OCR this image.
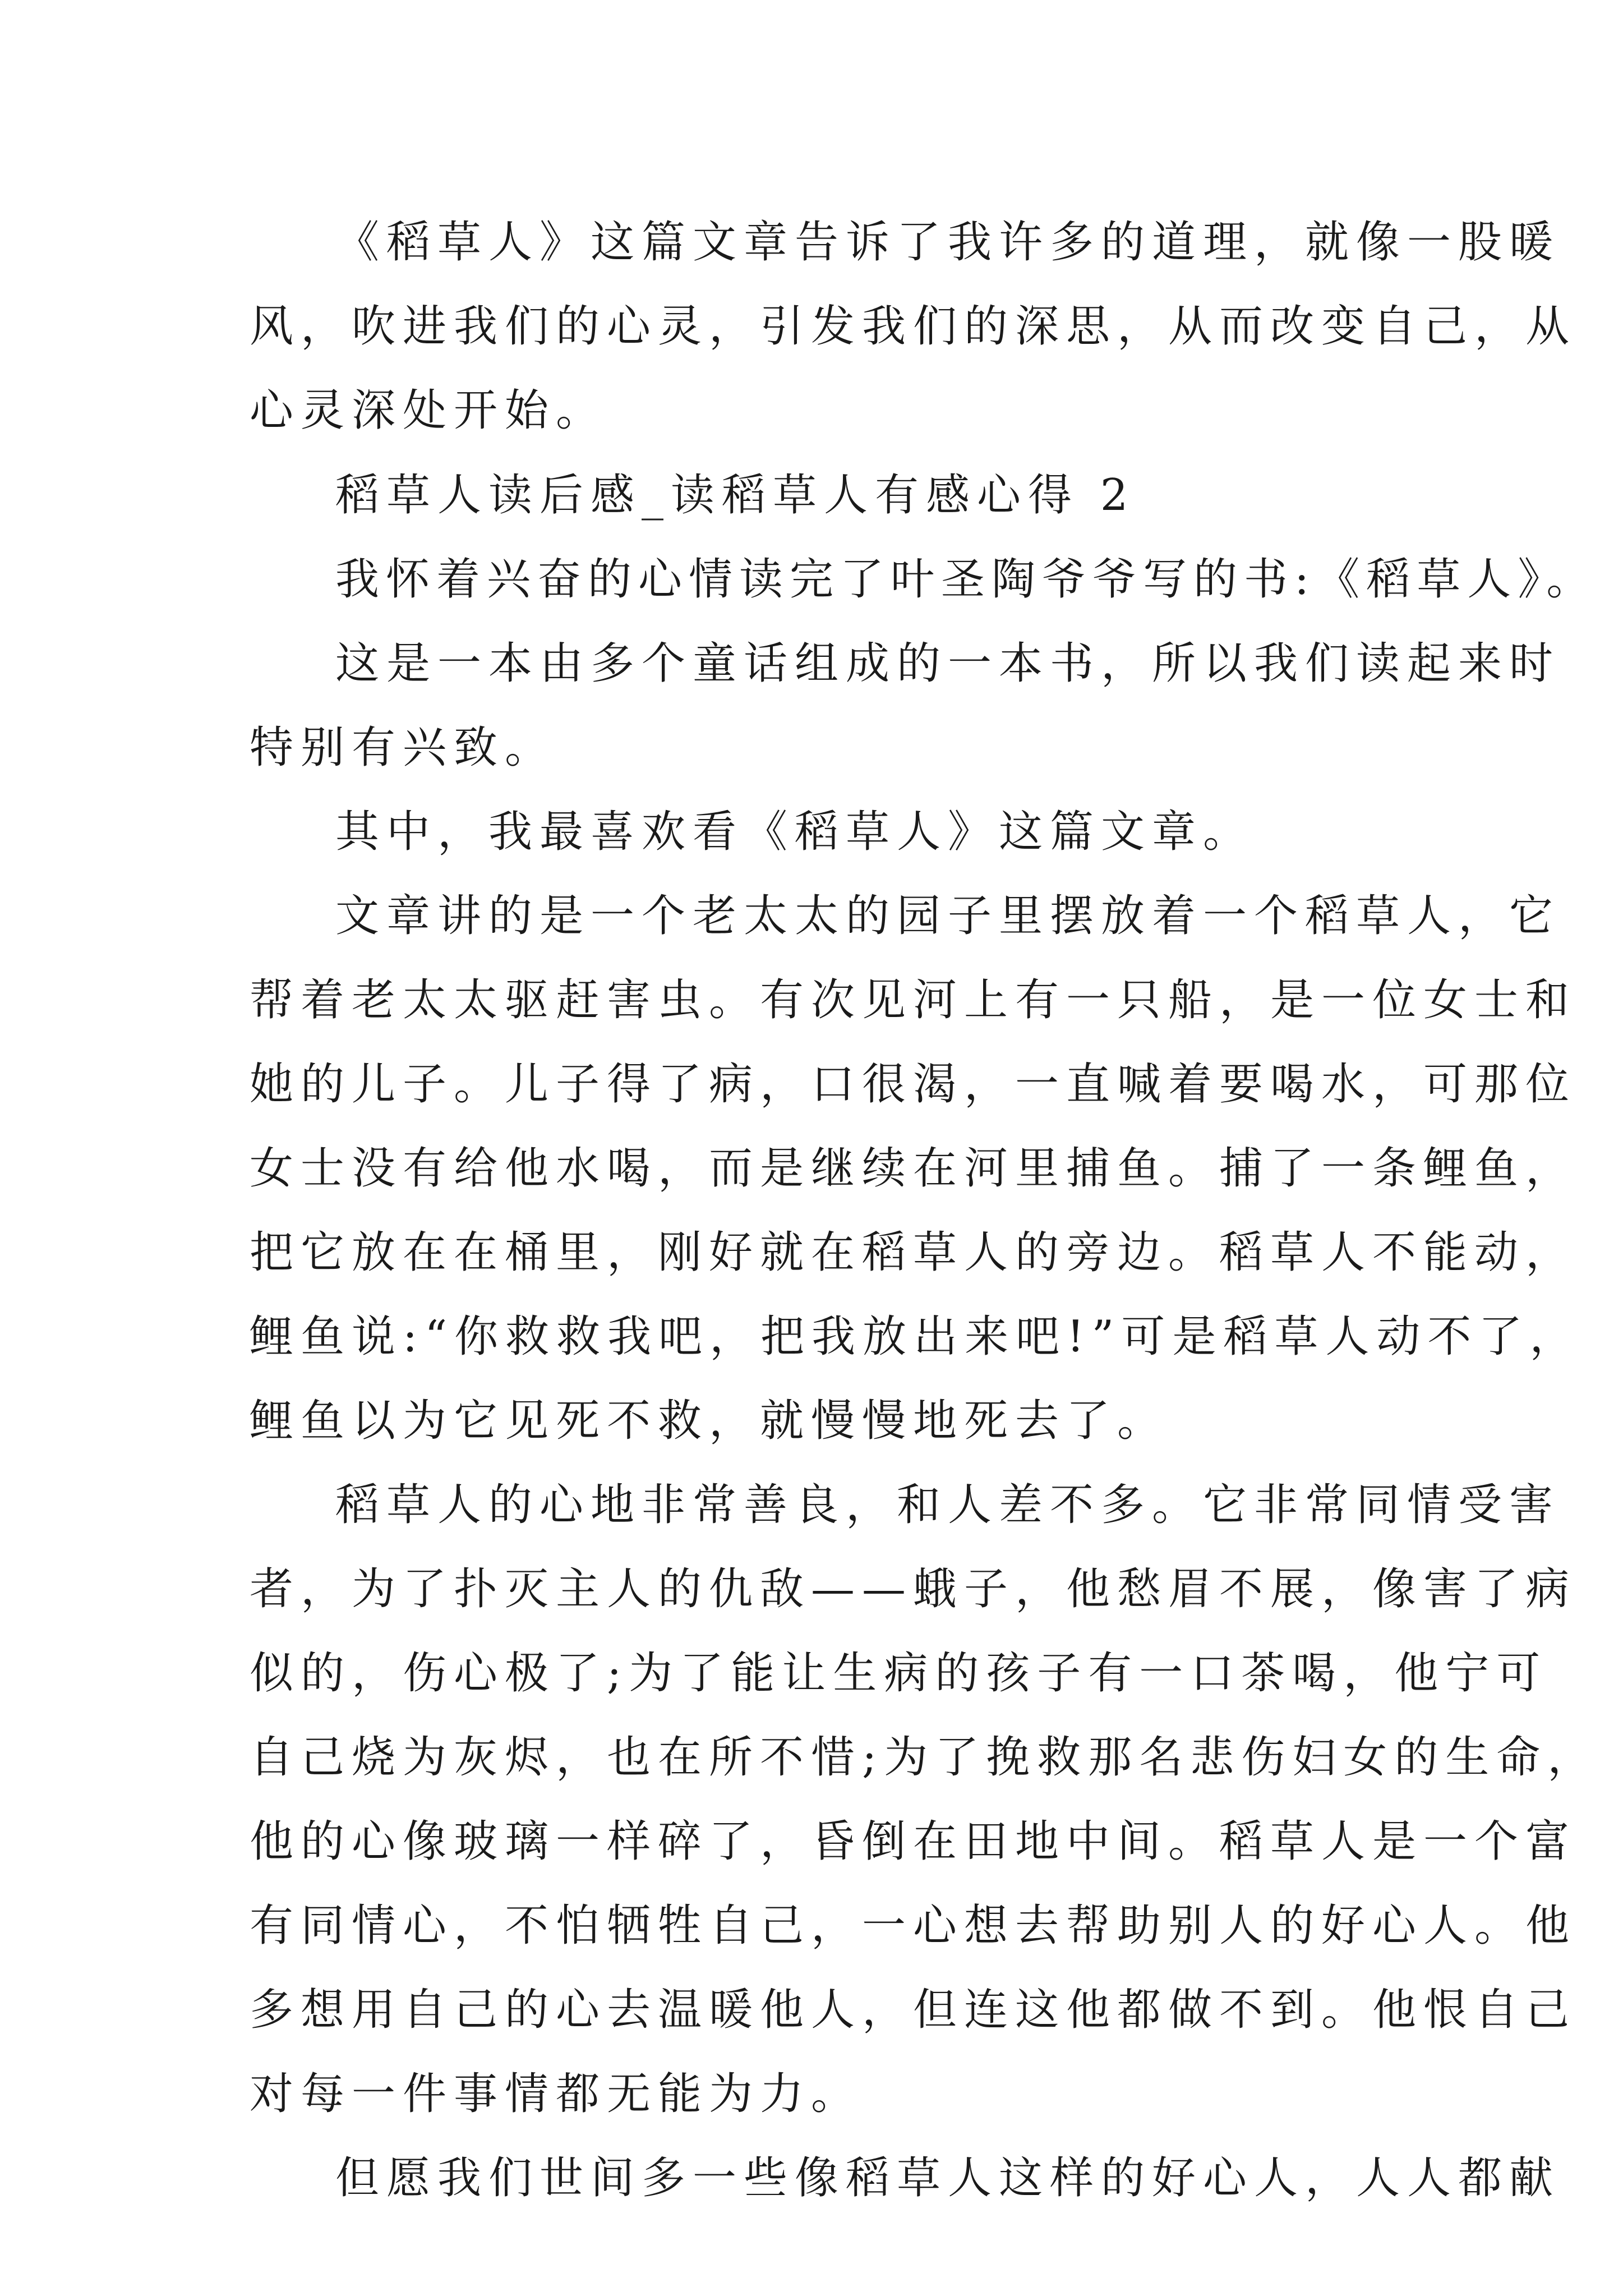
《稻草人》这篇文章告诉了我许多的道理，就像一股暖
风，吹进我们的心灵，引发我们的深思，从而改变自己，从
心灵深处开始。
稻草人读后感_读稻草人有感心得 2
我怀着兴奋的心情读完了叶圣陶爷爷写的书:《稻草人》。
这是一本由多个童话组成的一本书，所以我们读起来时
特别有兴致。
其中，我最喜欢看《稻草人》这篇文章。
文章讲的是一个老太太的园子里摆放着一个稻草人，它
帮着老太太驱赶害虫。有次见河上有一只船，是一位女士和
她的儿子。儿子得了病，口很渴，一直喊着要喝水，可那位
女士没有给他水喝，而是继续在河里捕鱼。捕了一条鲤鱼，
把它放在在桶里，刚好就在稻草人的旁边。稻草人不能动，
鲤鱼说:“你救救我吧，把我放出来吧!”可是稻草人动不了，
鲤鱼以为它见死不救，就慢慢地死去了。
稻草人的心地非常善良，和人差不多。它非常同情受害
者，为了扑灭主人的仇敌——蛾子，他愁眉不展，像害了病
似的，伤心极了;为了能让生病的孩子有一口茶喝，他宁可
自己烧为灰烬，也在所不惜;为了挽救那名悲伤妇女的生命，
他的心像玻璃一样碎了，昏倒在田地中间。稻草人是一个富
有同情心，不怕牺牲自己，一心想去帮助别人的好心人。他
多想用自己的心去温暖他人，但连这他都做不到。他恨自己
对每一件事情都无能为力。
但愿我们世间多一些像稻草人这样的好心人，人人都献
